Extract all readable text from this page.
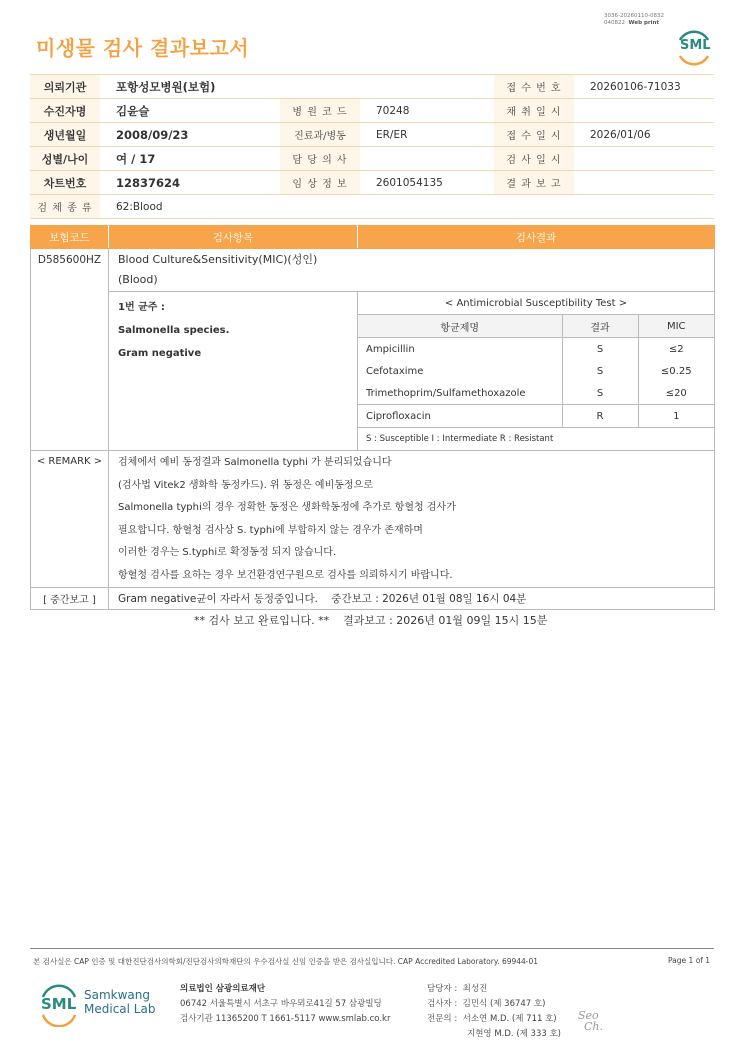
3036-20260110-0832
040822 Web print
미생물 검사 결과보고서	SML
의뢰기관	포항성모병원(보험)			접 수 번 호	20260106-71033
수진자명	김윤슬	병 원 코 드	70248	채 취 일 시	
생년월일	2008/09/23	진료과/병동	ER/ER	접 수 일 시	2026/01/06
성별/나이	여 / 17	담 당 의 사		검 사 일 시	
차트번호	12837624	임 상 정 보	2601054135	결 과 보 고	
검 체 종 류	62:Blood				
보험코드	검사항목	검사결과
D585600HZ	Blood Culture&Sensitivity(MIC)(성인)
(Blood)

1번 균주 :
Salmonella species.
Gram negative

< Antimicrobial Susceptibility Test >
항균제명	결과	MIC
Ampicillin	S	≤2
Cefotaxime	S	≤0.25
Trimethoprim/Sulfamethoxazole	S	≤20
Ciprofloxacin	R	1
S : Susceptible I : Intermediate R : Resistant

< REMARK >	검체에서 예비 동정결과 Salmonella typhi 가 분리되었습니다
(검사법 Vitek2 생화학 동정카드). 위 동정은 예비동정으로
Salmonella typhi의 경우 정확한 동정은 생화학동정에 추가로 항혈청 검사가
필요합니다. 항혈청 검사상 S. typhi에 부합하지 않는 경우가 존재하며
이러한 경우는 S.typhi로 확정동정 되지 않습니다.
항혈청 검사를 요하는 경우 보건환경연구원으로 검사를 의뢰하시기 바랍니다.

[ 중간보고 ]	Gram negative균이 자라서 동정중입니다.    중간보고 : 2026년 01월 08일 16시 04분
** 검사 보고 완료입니다. **    결과보고 : 2026년 01월 09일 15시 15분
본 검사실은 CAP 인증 및 대한진단검사의학회/진단검사의학재단의 우수검사실 신임 인증을 받은 검사실입니다. CAP Accredited Laboratory. 69944-01	Page 1 of 1
SML Samkwang
Medical Lab
의료법인 삼광의료재단
06742 서울특별시 서초구 바우뫼로41길 57 삼광빌딩
검사기관 11365200 T 1661-5117 www.smlab.co.kr
담당자 : 최성진
검사자 : 김민식 (제 36747 호)
전문의 : 서소연 M.D. (제 711 호)
지현영 M.D. (제 333 호)
Seo
Ch.
